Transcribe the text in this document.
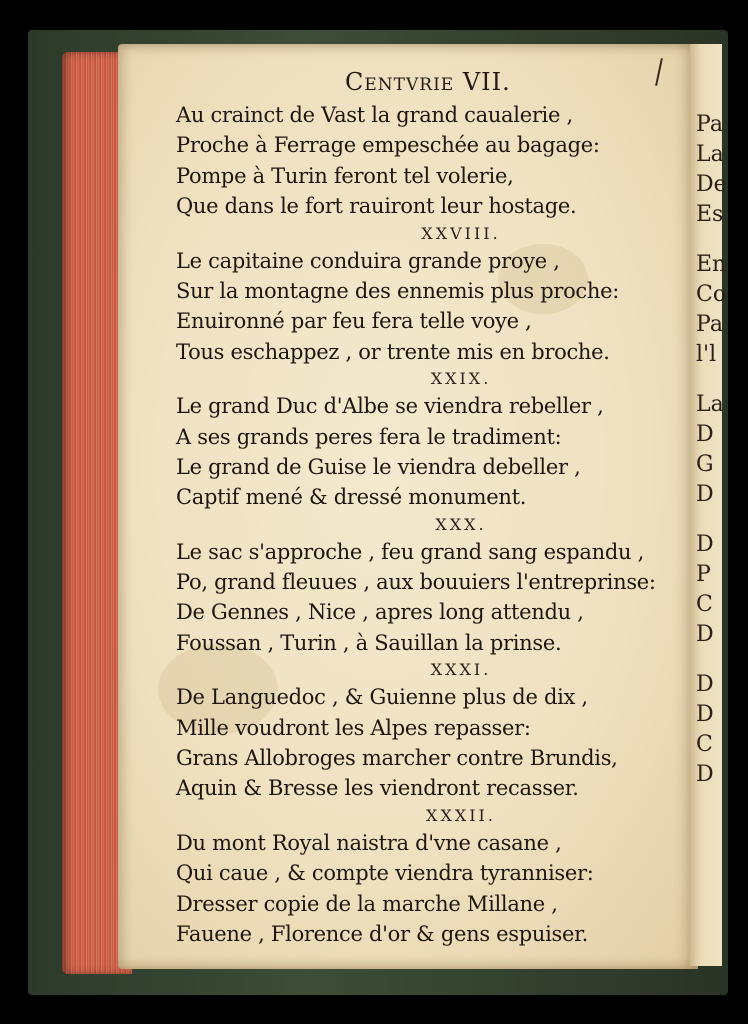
Pa
La
De
Es
En
Co
Pa
l'l
La
D
G
D
D
P
C
D
D
D
C
D
Centvrie VII.
Au crainct de Vast la grand caualerie ,
Proche à Ferrage empeschée au bagage:
Pompe à Turin feront tel volerie,
Que dans le fort rauiront leur hostage.
XXVIII.
Le capitaine conduira grande proye ,
Sur la montagne des ennemis plus proche:
Enuironné par feu fera telle voye ,
Tous eschappez , or trente mis en broche.
XXIX.
Le grand Duc d'Albe se viendra rebeller ,
A ses grands peres fera le tradiment:
Le grand de Guise le viendra debeller ,
Captif mené & dressé monument.
XXX.
Le sac s'approche , feu grand sang espandu ,
Po, grand fleuues , aux bouuiers l'entreprinse:
De Gennes , Nice , apres long attendu ,
Foussan , Turin , à Sauillan la prinse.
XXXI.
De Languedoc , & Guienne plus de dix ,
Mille voudront les Alpes repasser:
Grans Allobroges marcher contre Brundis,
Aquin & Bresse les viendront recasser.
XXXII.
Du mont Royal naistra d'vne casane ,
Qui caue , & compte viendra tyranniser:
Dresser copie de la marche Millane ,
Fauene , Florence d'or & gens espuiser.
